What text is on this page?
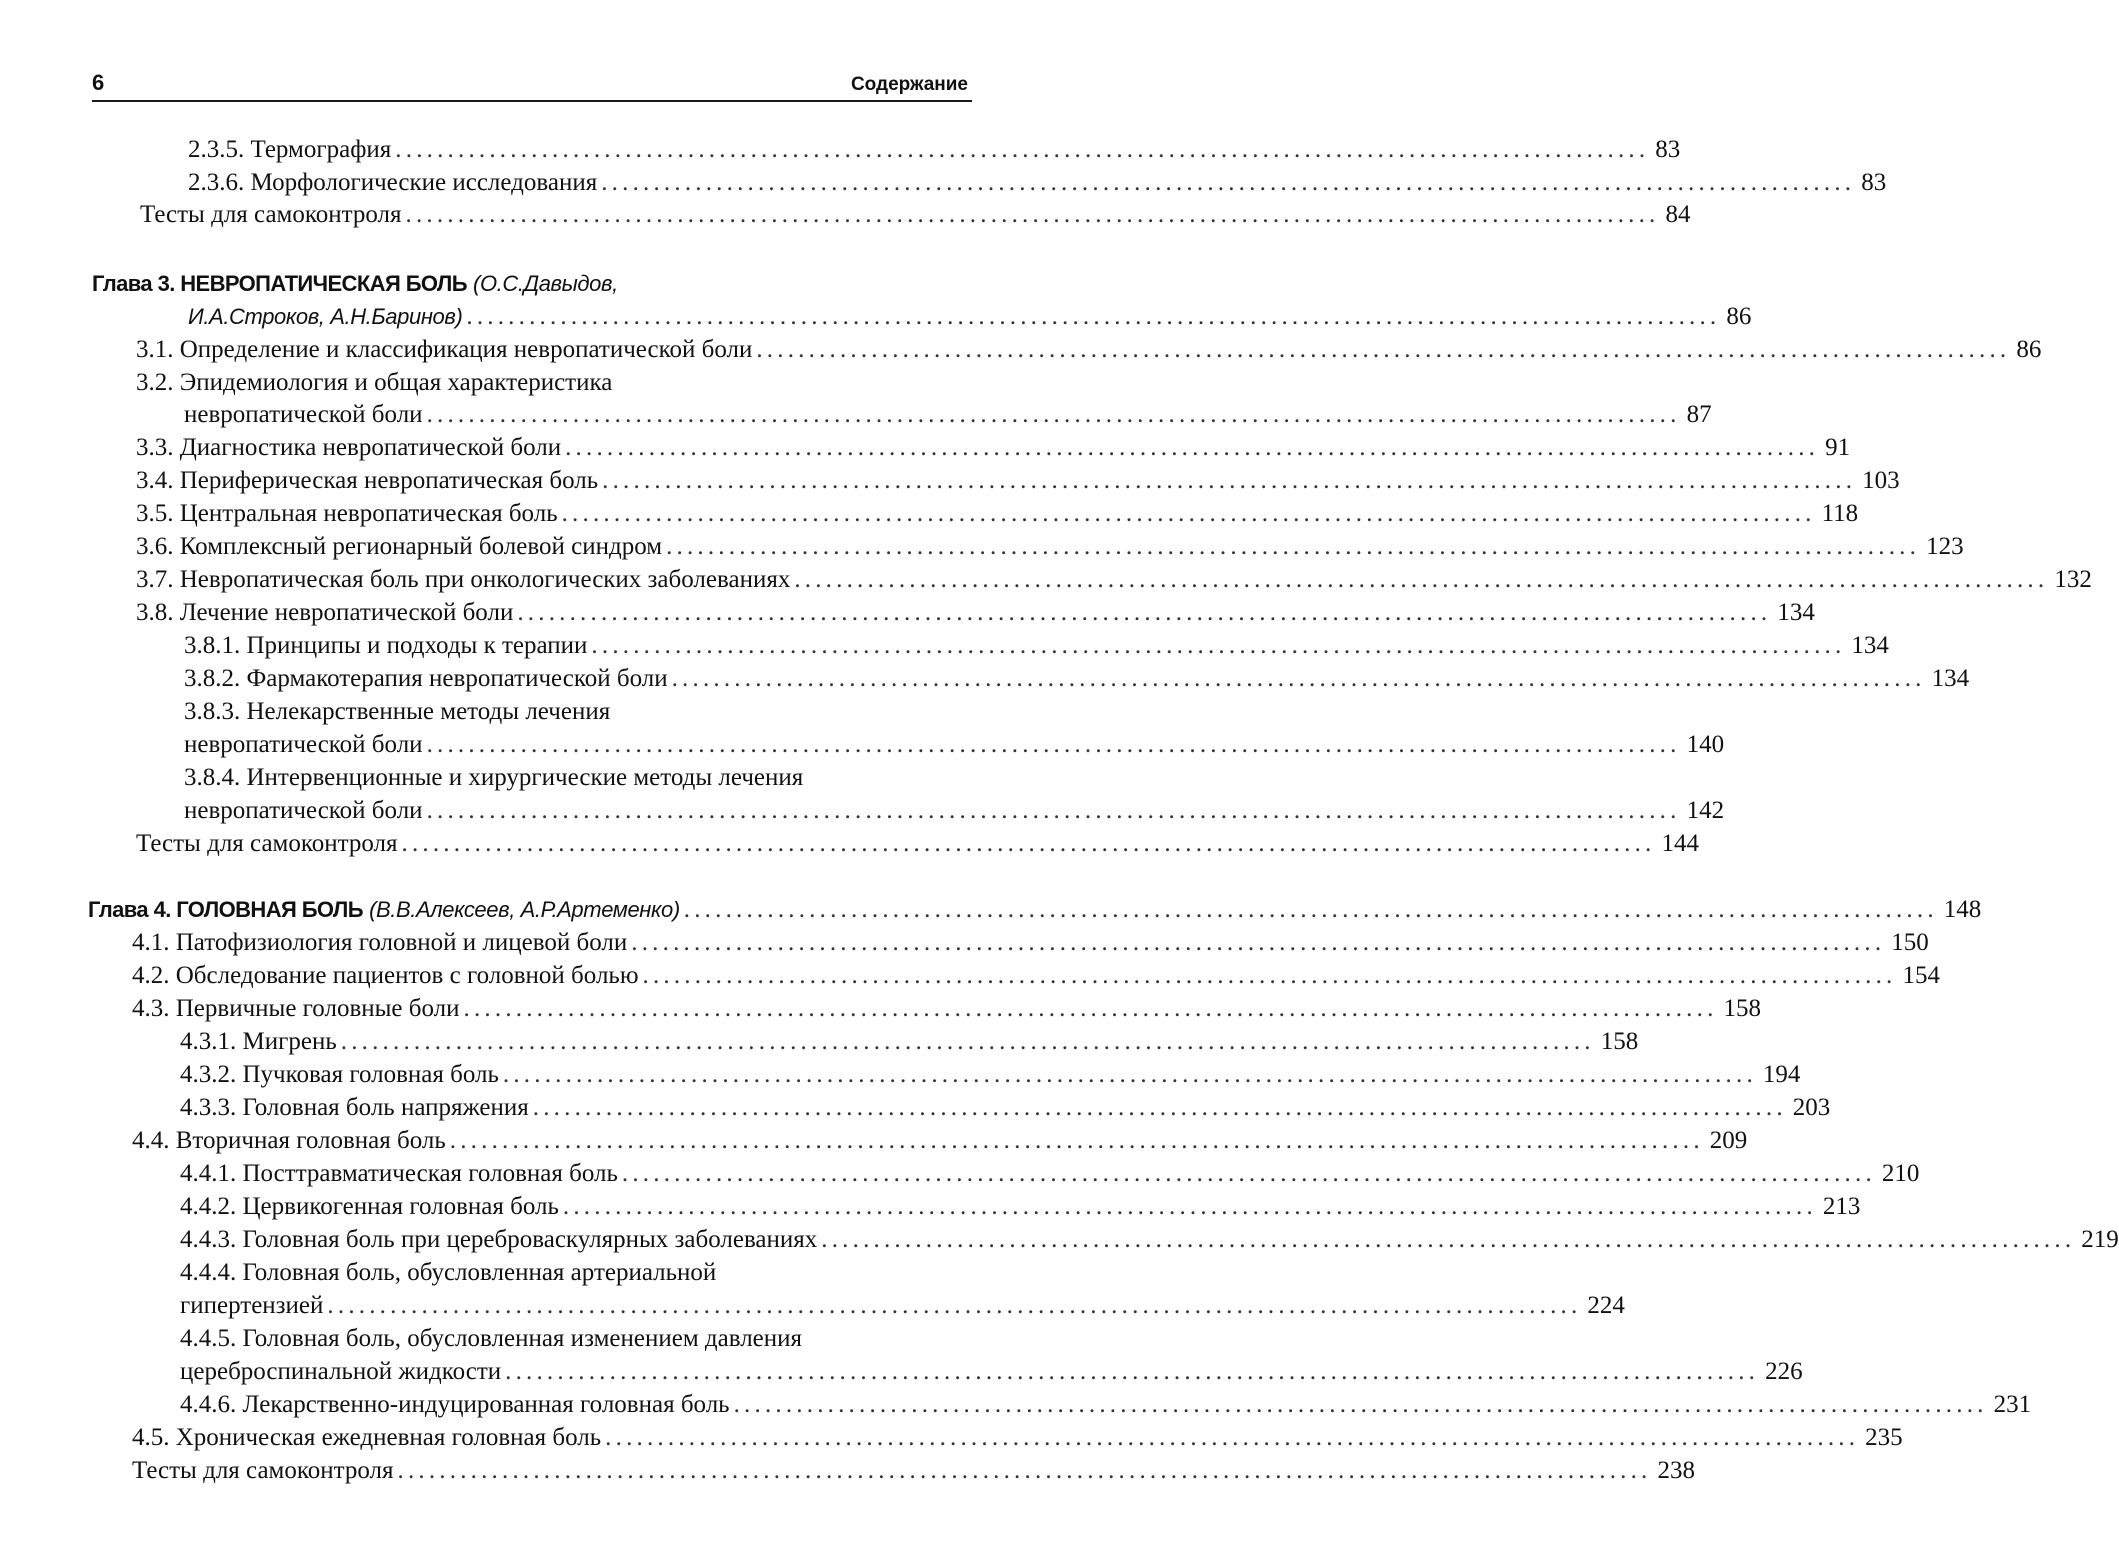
6	Содержание
2.3.5. Термография ........................................................................................................................ 83
2.3.6. Морфологические исследования ........................................................................................................................ 83
Тесты для самоконтроля ........................................................................................................................ 84
Глава 3. НЕВРОПАТИЧЕСКАЯ БОЛЬ (О.С.Давыдов,
И.А.Строков, А.Н.Баринов) ........................................................................................................................ 86
3.1. Определение и классификация невропатической боли ........................................................................................................................ 86
3.2. Эпидемиология и общая характеристика
невропатической боли ........................................................................................................................ 87
3.3. Диагностика невропатической боли ........................................................................................................................ 91
3.4. Периферическая невропатическая боль ........................................................................................................................ 103
3.5. Центральная невропатическая боль ........................................................................................................................ 118
3.6. Комплексный регионарный болевой синдром ........................................................................................................................ 123
3.7. Невропатическая боль при онкологических заболеваниях ........................................................................................................................ 132
3.8. Лечение невропатической боли ........................................................................................................................ 134
3.8.1. Принципы и подходы к терапии ........................................................................................................................ 134
3.8.2. Фармакотерапия невропатической боли ........................................................................................................................ 134
3.8.3. Нелекарственные методы лечения
невропатической боли ........................................................................................................................ 140
3.8.4. Интервенционные и хирургические методы лечения
невропатической боли ........................................................................................................................ 142
Тесты для самоконтроля ........................................................................................................................ 144
Глава 4. ГОЛОВНАЯ БОЛЬ (В.В.Алексеев, А.Р.Артеменко) ........................................................................................................................ 148
4.1. Патофизиология головной и лицевой боли ........................................................................................................................ 150
4.2. Обследование пациентов с головной болью ........................................................................................................................ 154
4.3. Первичные головные боли ........................................................................................................................ 158
4.3.1. Мигрень ........................................................................................................................ 158
4.3.2. Пучковая головная боль ........................................................................................................................ 194
4.3.3. Головная боль напряжения ........................................................................................................................ 203
4.4. Вторичная головная боль ........................................................................................................................ 209
4.4.1. Посттравматическая головная боль ........................................................................................................................ 210
4.4.2. Цервикогенная головная боль ........................................................................................................................ 213
4.4.3. Головная боль при цереброваскулярных заболеваниях ........................................................................................................................ 219
4.4.4. Головная боль, обусловленная артериальной
гипертензией ........................................................................................................................ 224
4.4.5. Головная боль, обусловленная изменением давления
цереброспинальной жидкости ........................................................................................................................ 226
4.4.6. Лекарственно-индуцированная головная боль ........................................................................................................................ 231
4.5. Хроническая ежедневная головная боль ........................................................................................................................ 235
Тесты для самоконтроля ........................................................................................................................ 238
